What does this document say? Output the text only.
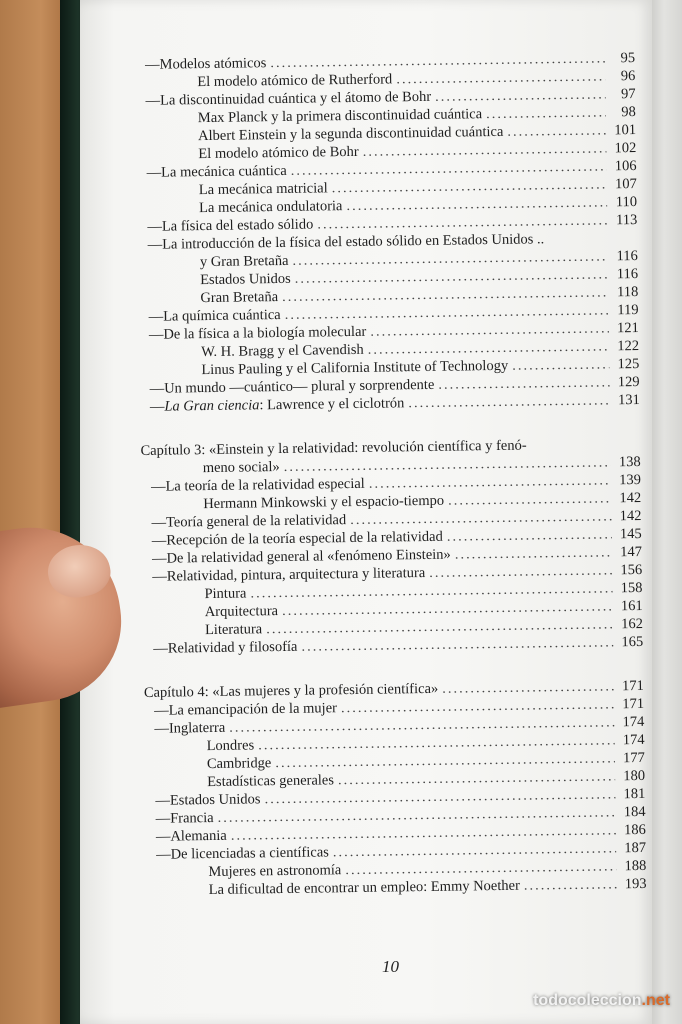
—Modelos atómicos .....	95
El modelo atómico de Rutherford .....	96
—La discontinuidad cuántica y el átomo de Bohr .....	97
Max Planck y la primera discontinuidad cuántica .....	98
Albert Einstein y la segunda discontinuidad cuántica .....	101
El modelo atómico de Bohr .....	102
—La mecánica cuántica .....	106
La mecánica matricial .....	107
La mecánica ondulatoria .....	110
—La física del estado sólido .....	113
—La introducción de la física del estado sólido en Estados Unidos ..
y Gran Bretaña .....	116
Estados Unidos .....	116
Gran Bretaña .....	118
—La química cuántica .....	119
—De la física a la biología molecular .....	121
W. H. Bragg y el Cavendish .....	122
Linus Pauling y el California Institute of Technology .....	125
—Un mundo —cuántico— plural y sorprendente .....	129
—La Gran ciencia: Lawrence y el ciclotrón .....	131
Capítulo 3: «Einstein y la relatividad: revolución científica y fenó-
meno social» .....	138
—La teoría de la relatividad especial .....	139
Hermann Minkowski y el espacio-tiempo .....	142
—Teoría general de la relatividad .....	142
—Recepción de la teoría especial de la relatividad .....	145
—De la relatividad general al «fenómeno Einstein» .....	147
—Relatividad, pintura, arquitectura y literatura .....	156
Pintura .....	158
Arquitectura .....	161
Literatura .....	162
—Relatividad y filosofía .....	165
Capítulo 4: «Las mujeres y la profesión científica» .....	171
—La emancipación de la mujer .....	171
—Inglaterra .....	174
Londres .....	174
Cambridge .....	177
Estadísticas generales .....	180
—Estados Unidos .....	181
—Francia .....	184
—Alemania .....	186
—De licenciadas a científicas .....	187
Mujeres en astronomía .....	188
La dificultad de encontrar un empleo: Emmy Noether .....	193
10
todocoleccion.net
